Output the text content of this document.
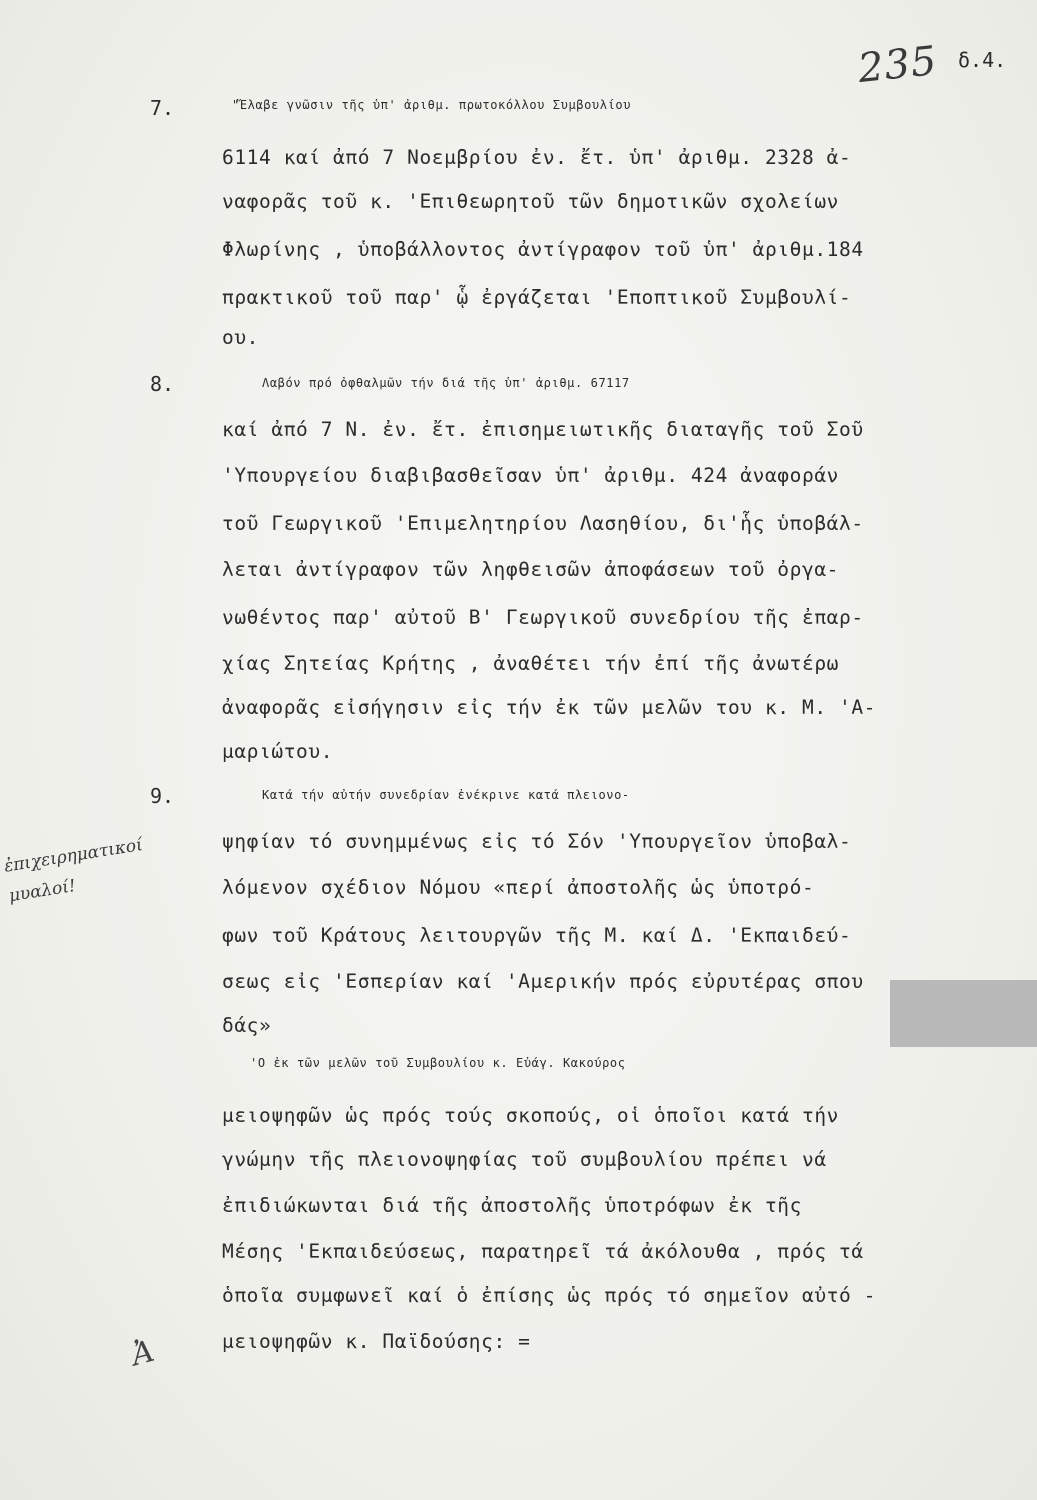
235 δ.4.
ἐπιχειρηματικοί μυαλοί!
Ἀ
7.	"Ἔλαβε γνῶσιν τῆς ὑπ' ἀριθμ. πρωτοκόλλου Συμβουλίου
6114 καί ἀπό 7 Νοεμβρίου ἐν. ἔτ. ὑπ' ἀριθμ. 2328 ἀ-
ναφορᾶς τοῦ κ. 'Επιθεωρητοῦ τῶν δημοτικῶν σχολείων
Φλωρίνης , ὑποβάλλοντος ἀντίγραφον τοῦ ὑπ' ἀριθμ.184
πρακτικοῦ τοῦ παρ' ᾧ ἐργάζεται 'Εποπτικοῦ Συμβουλί-
ου.
8.	Λαβόν πρό ὀφθαλμῶν τήν διά τῆς ὑπ' ἀριθμ. 67117
καί ἀπό 7 Ν. ἐν. ἔτ. ἐπισημειωτικῆς διαταγῆς τοῦ Σοῦ
'Υπουργείου διαβιβασθεῖσαν ὑπ' ἀριθμ. 424 ἀναφοράν
τοῦ Γεωργικοῦ 'Επιμελητηρίου Λασηθίου, δι'ἧς ὑποβάλ-
λεται ἀντίγραφον τῶν ληφθεισῶν ἀποφάσεων τοῦ ὀργα-
νωθέντος παρ' αὐτοῦ Β' Γεωργικοῦ συνεδρίου τῆς ἐπαρ-
χίας Σητείας Κρήτης , ἀναθέτει τήν ἐπί τῆς ἀνωτέρω
ἀναφορᾶς εἰσήγησιν εἰς τήν ἐκ τῶν μελῶν του κ. Μ. 'Α-
μαριώτου.
9.	Κατά τήν αὐτήν συνεδρίαν ἐνέκρινε κατά πλειονο-
ψηφίαν τό συνημμένως εἰς τό Σόν 'Υπουργεῖον ὑποβαλ-
λόμενον σχέδιον Νόμου «περί ἀποστολῆς ὡς ὑποτρό-
φων τοῦ Κράτους λειτουργῶν τῆς Μ. καί Δ. 'Εκπαιδεύ-
σεως εἰς 'Εσπερίαν καί 'Αμερικήν πρός εὐρυτέρας σπου
δάς»
'Ο ἐκ τῶν μελῶν τοῦ Συμβουλίου κ. Εὐάγ. Κακούρος
μειοψηφῶν ὡς πρός τούς σκοπούς, οἱ ὁποῖοι κατά τήν
γνώμην τῆς πλειονοψηφίας τοῦ συμβουλίου πρέπει νά
ἐπιδιώκωνται διά τῆς ἀποστολῆς ὑποτρόφων ἐκ τῆς
Μέσης 'Εκπαιδεύσεως, παρατηρεῖ τά ἀκόλουθα , πρός τά
ὁποῖα συμφωνεῖ καί ὁ ἐπίσης ὡς πρός τό σημεῖον αὐτό -
μειοψηφῶν κ. Παϊδούσης: =
